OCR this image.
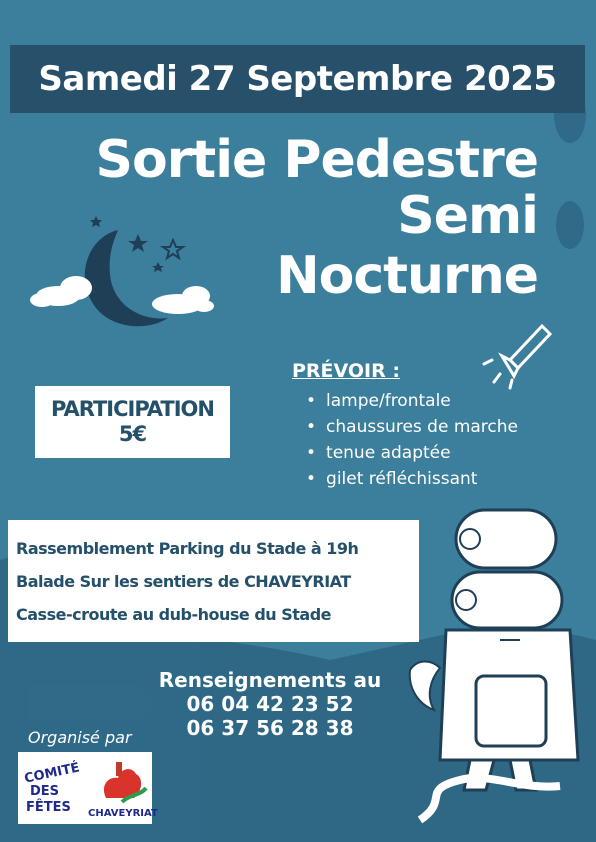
Samedi 27 Septembre 2025
Sortie Pedestre
Semi
Nocturne
PARTICIPATION
5€
PRÉVOIR :
• lampe/frontale
• chaussures de marche
• tenue adaptée
• gilet réfléchissant
Rassemblement Parking du Stade à 19h
Balade Sur les sentiers de CHAVEYRIAT
Casse-croute au dub-house du Stade
Renseignements au
06 04 42 23 52
06 37 56 28 38
Organisé par
COMITÉ
DES
FÊTES CHAVEYRIAT
